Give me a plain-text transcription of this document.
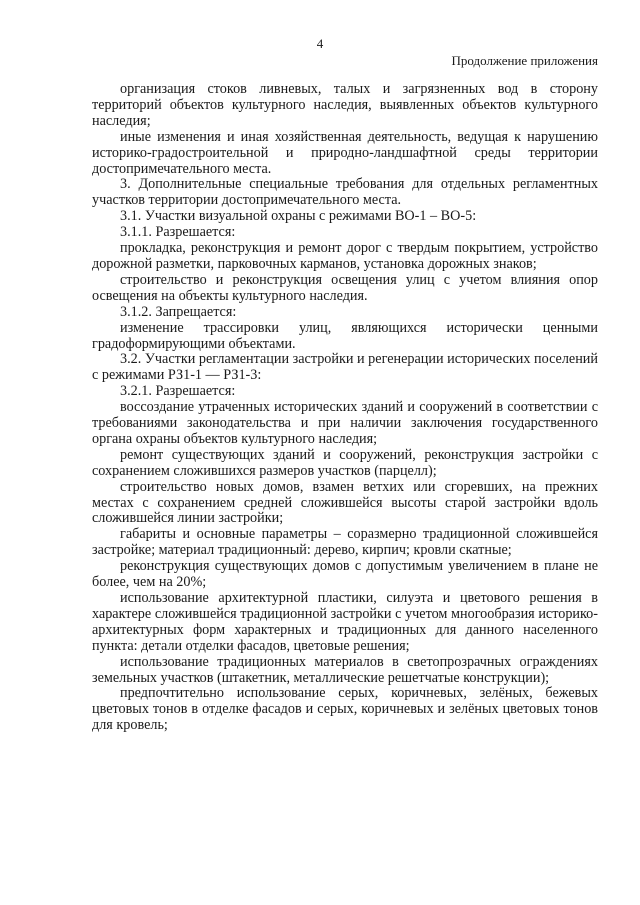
4
Продолжение приложения

организация стоков ливневых, талых и загрязненных вод в сторону территорий объектов культурного наследия, выявленных объектов культурного наследия;

иные изменения и иная хозяйственная деятельность, ведущая к нарушению историко-градостроительной и природно-ландшафтной среды территории достопримечательного места.

3. Дополнительные специальные требования для отдельных регламентных участков территории достопримечательного места.

3.1. Участки визуальной охраны с режимами ВО-1 – ВО-5:

3.1.1. Разрешается:

прокладка, реконструкция и ремонт дорог с твердым покрытием, устройство дорожной разметки, парковочных карманов, установка дорожных знаков;

строительство и реконструкция освещения улиц с учетом влияния опор освещения на объекты культурного наследия.

3.1.2. Запрещается:

изменение трассировки улиц, являющихся исторически ценными градоформирующими объектами.

3.2. Участки регламентации застройки и регенерации исторических поселений с режимами РЗ1-1 — РЗ1-3:

3.2.1. Разрешается:

воссоздание утраченных исторических зданий и сооружений в соответствии с требованиями законодательства и при наличии заключения государственного органа охраны объектов культурного наследия;

ремонт существующих зданий и сооружений, реконструкция застройки с сохранением сложившихся размеров участков (парцелл);

строительство новых домов, взамен ветхих или сгоревших, на прежних местах с сохранением средней сложившейся высоты старой застройки вдоль сложившейся линии застройки;

габариты и основные параметры – соразмерно традиционной сложившейся застройке; материал традиционный: дерево, кирпич; кровли скатные;

реконструкция существующих домов с допустимым увеличением в плане не более, чем на 20%;

использование архитектурной пластики, силуэта и цветового решения в характере сложившейся традиционной застройки с учетом многообразия историко-архитектурных форм характерных и традиционных для данного населенного пункта: детали отделки фасадов, цветовые решения;

использование традиционных материалов в светопрозрачных ограждениях земельных участков (штакетник, металлические решетчатые конструкции);

предпочтительно использование серых, коричневых, зелёных, бежевых цветовых тонов в отделке фасадов и серых, коричневых и зелёных цветовых тонов для кровель;
